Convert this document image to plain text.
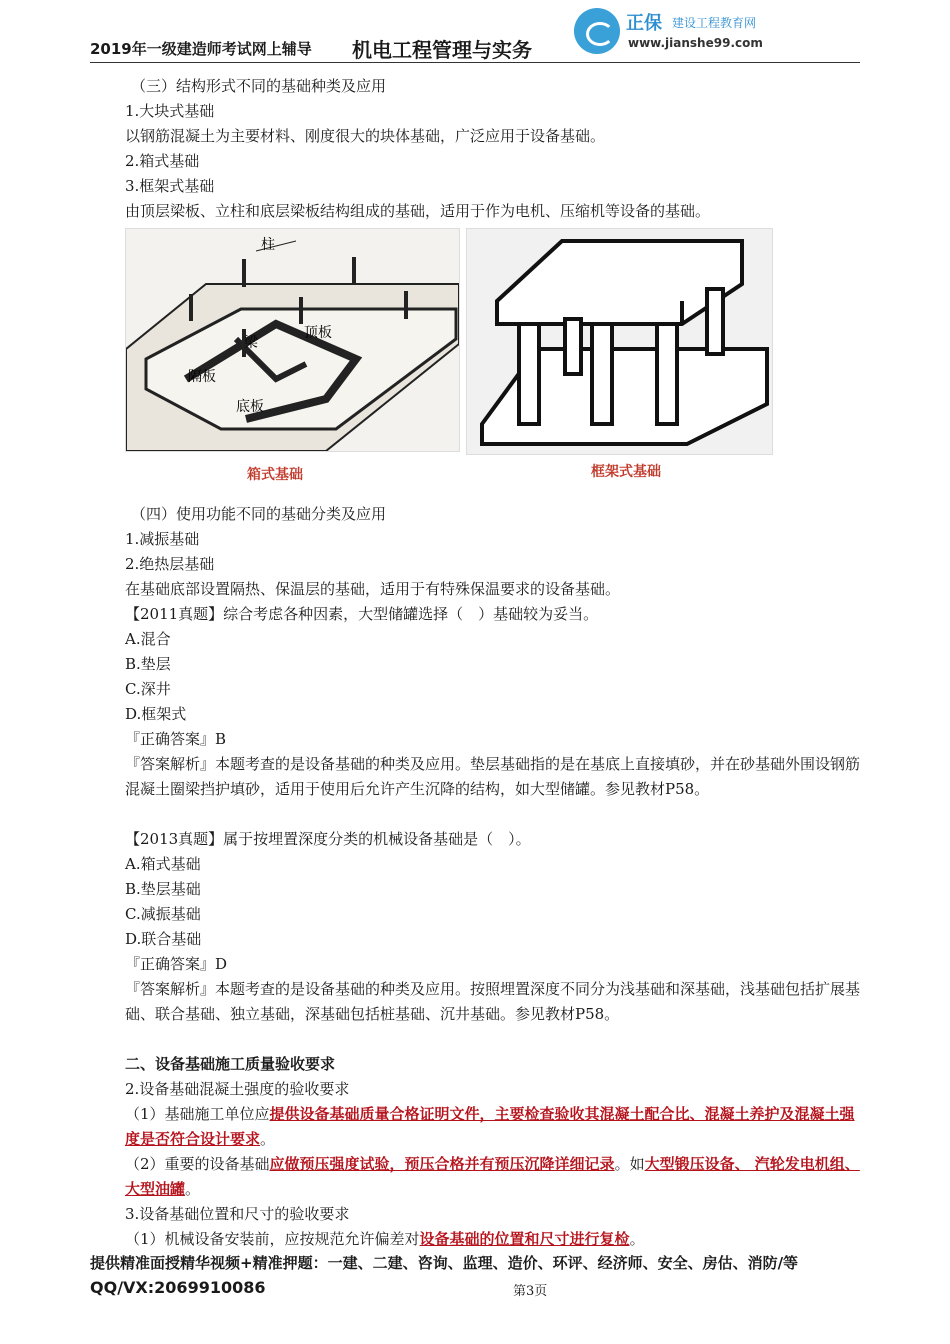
2019年一级建造师考试网上辅导 机电工程管理与实务
正保 建设工程教育网
www.jianshe99.com

（三）结构形式不同的基础种类及应用

1.大块式基础

以钢筋混凝土为主要材料、刚度很大的块体基础，广泛应用于设备基础。

2.箱式基础

3.框架式基础

由顶层梁板、立柱和底层梁板结构组成的基础，适用于作为电机、压缩机等设备的基础。

柱
梁
顶板
隔板
底板
箱式基础	框架式基础

（四）使用功能不同的基础分类及应用

1.减振基础

2.绝热层基础

在基础底部设置隔热、保温层的基础，适用于有特殊保温要求的设备基础。

【2011真题】综合考虑各种因素，大型储罐选择（　）基础较为妥当。

A.混合

B.垫层

C.深井

D.框架式

『正确答案』B

『答案解析』本题考查的是设备基础的种类及应用。垫层基础指的是在基底上直接填砂，并在砂基础外围设钢筋混凝土圈梁挡护填砂，适用于使用后允许产生沉降的结构，如大型储罐。参见教材P58。

【2013真题】属于按埋置深度分类的机械设备基础是（　）。

A.箱式基础

B.垫层基础

C.减振基础

D.联合基础

『正确答案』D

『答案解析』本题考查的是设备基础的种类及应用。按照埋置深度不同分为浅基础和深基础，浅基础包括扩展基础、联合基础、独立基础，深基础包括桩基础、沉井基础。参见教材P58。

二、设备基础施工质量验收要求

2.设备基础混凝土强度的验收要求

（1）基础施工单位应提供设备基础质量合格证明文件，主要检查验收其混凝土配合比、混凝土养护及混凝土强度是否符合设计要求。

（2）重要的设备基础应做预压强度试验，预压合格并有预压沉降详细记录。如大型锻压设备、 汽轮发电机组、大型油罐。

3.设备基础位置和尺寸的验收要求

（1）机械设备安装前，应按规范允许偏差对设备基础的位置和尺寸进行复检。

提供精准面授精华视频+精准押题：一建、二建、咨询、监理、造价、环评、经济师、安全、房估、消防/等
QQ/VX:2069910086	第3页
